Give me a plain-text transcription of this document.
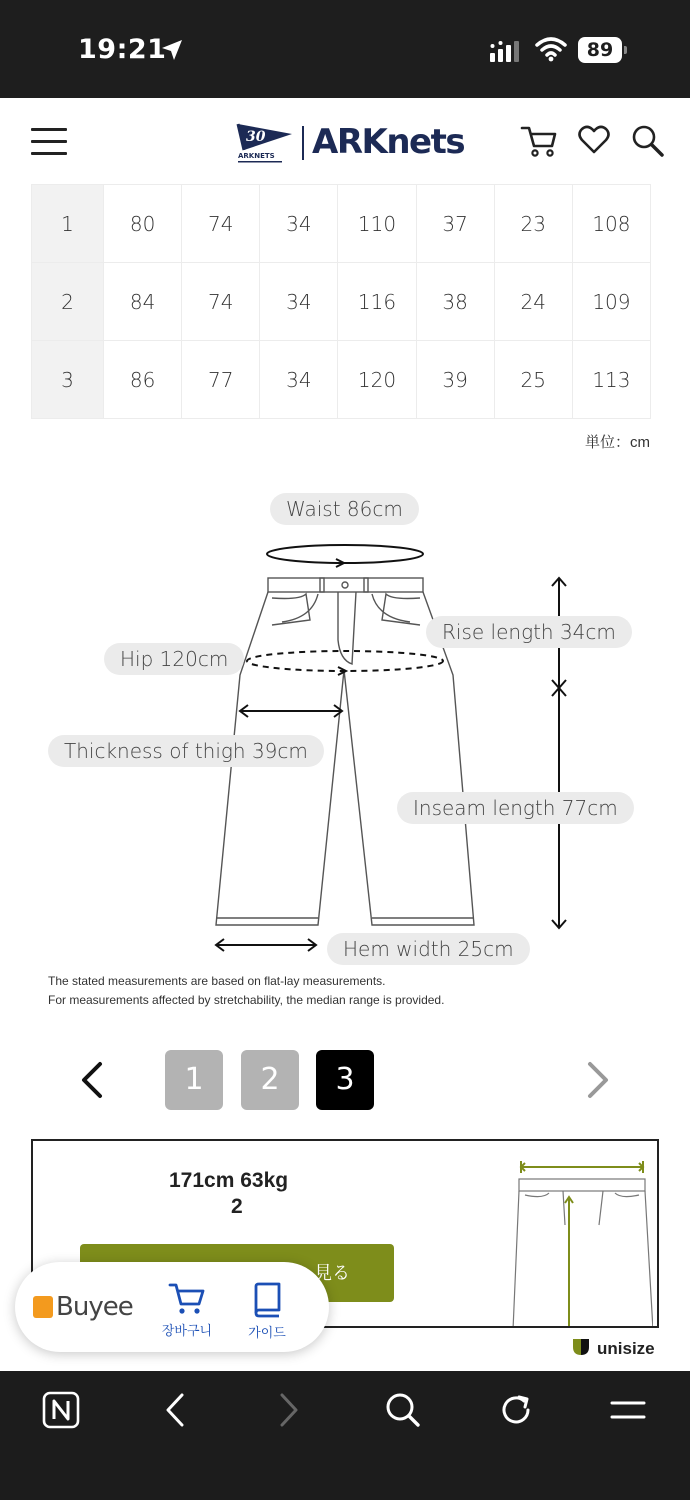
19:21	89
30
ARKNETS ARKnets
1	80	74	34	110	37	23	108
2	84	74	34	116	38	24	109
3	86	77	34	120	39	25	113
単位：cm
Waist 86cm
Rise length 34cm
Hip 120cm
Thickness of thigh 39cm
Inseam length 77cm
Hem width 25cm
The stated measurements are based on flat-lay measurements.
For measurements affected by stretchability, the median range is provided.
1	2	3
171cm 63kg
2
見る
unisize
Buyee
장바구니	가이드
